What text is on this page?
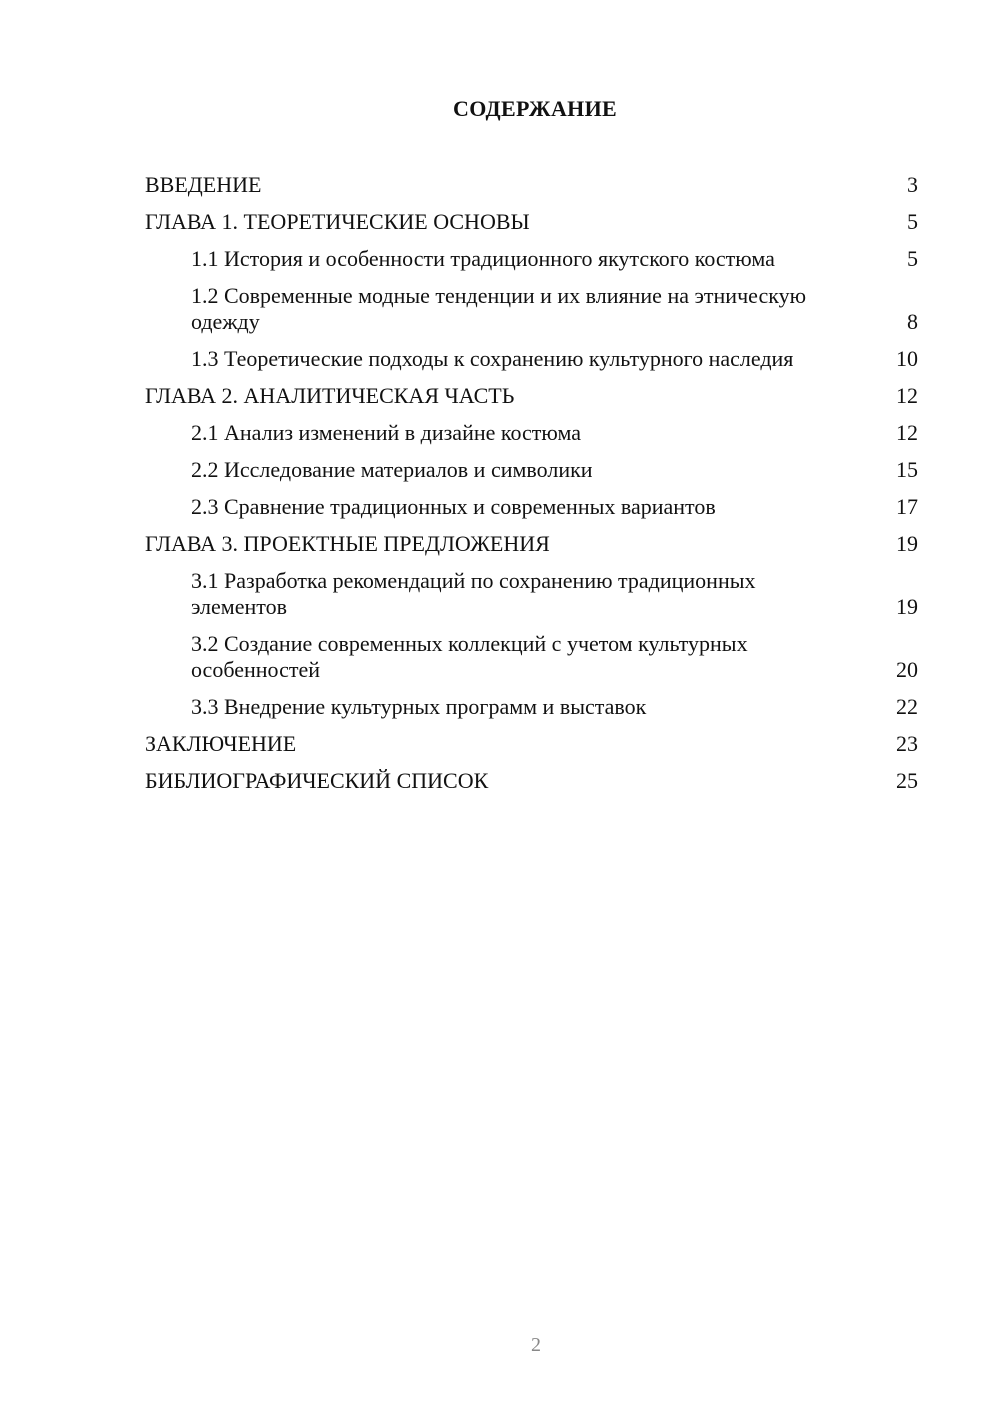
СОДЕРЖАНИЕ
ВВЕДЕНИЕ	3
ГЛАВА 1. ТЕОРЕТИЧЕСКИЕ ОСНОВЫ	5
1.1 История и особенности традиционного якутского костюма	5
1.2 Современные модные тенденции и их влияние на этническую одежду	8
1.3 Теоретические подходы к сохранению культурного наследия	10
ГЛАВА 2. АНАЛИТИЧЕСКАЯ ЧАСТЬ	12
2.1 Анализ изменений в дизайне костюма	12
2.2 Исследование материалов и символики	15
2.3 Сравнение традиционных и современных вариантов	17
ГЛАВА 3. ПРОЕКТНЫЕ ПРЕДЛОЖЕНИЯ	19
3.1 Разработка рекомендаций по сохранению традиционных элементов	19
3.2 Создание современных коллекций с учетом культурных особенностей	20
3.3 Внедрение культурных программ и выставок	22
ЗАКЛЮЧЕНИЕ	23
БИБЛИОГРАФИЧЕСКИЙ СПИСОК	25
2
